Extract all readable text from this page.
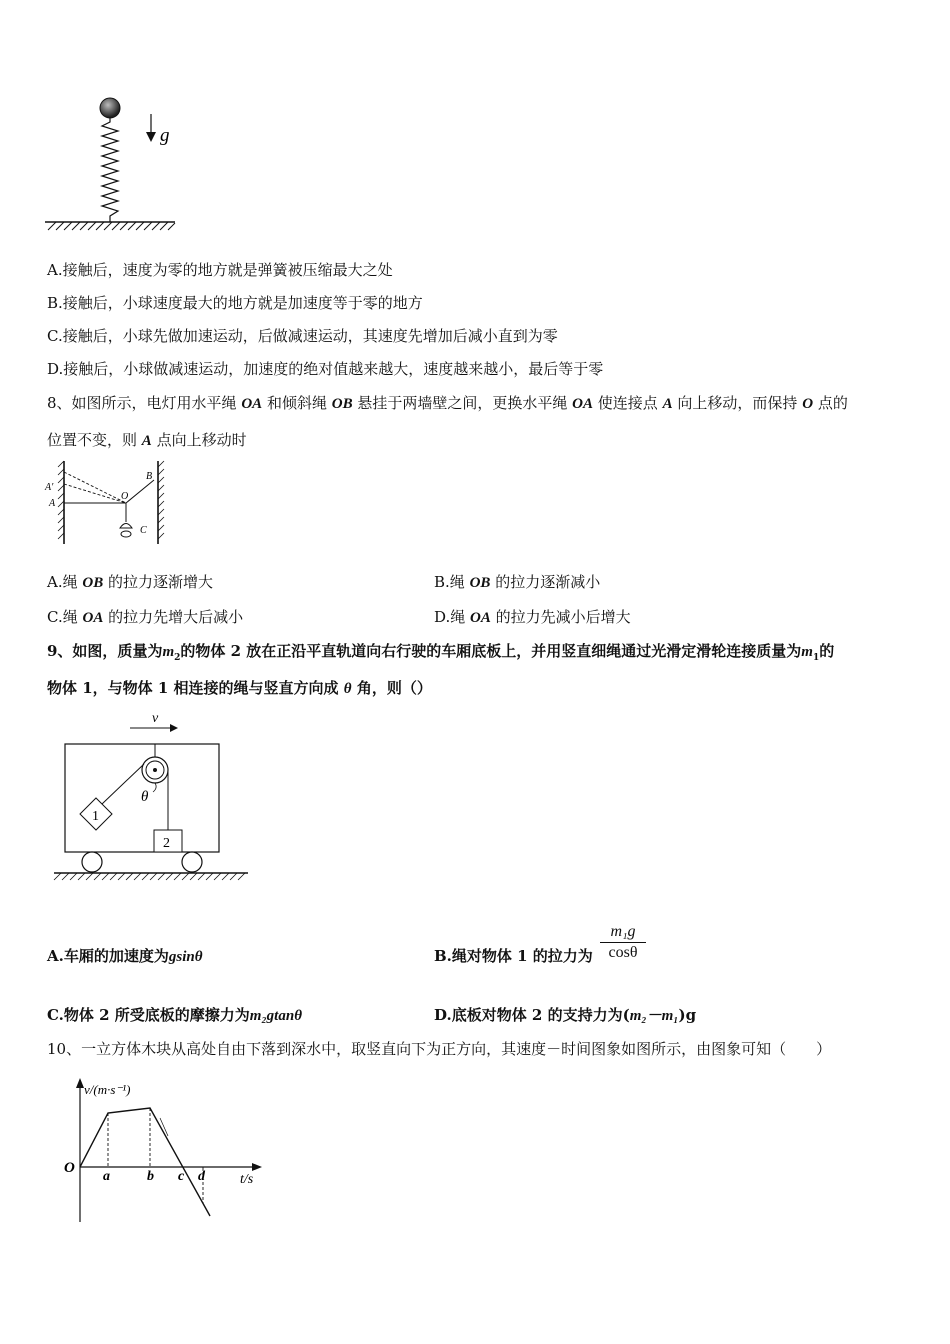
g
A.接触后，速度为零的地方就是弹簧被压缩最大之处
B.接触后，小球速度最大的地方就是加速度等于零的地方
C.接触后，小球先做加速运动，后做减速运动，其速度先增加后减小直到为零
D.接触后，小球做减速运动，加速度的绝对值越来越大，速度越来越小，最后等于零
8、如图所示，电灯用水平绳 OA 和倾斜绳 OB 悬挂于两墙壁之间，更换水平绳 OA 使连接点 A 向上移动，而保持 O 点的
位置不变，则 A 点向上移动时
A′
A
O
B
C
A.绳 OB 的拉力逐渐增大	B.绳 OB 的拉力逐渐减小
C.绳 OA 的拉力先增大后减小	D.绳 OA 的拉力先减小后增大
9、如图，质量为$m_2$的物体 2 放在正沿平直轨道向右行驶的车厢底板上，并用竖直细绳通过光滑定滑轮连接质量为$m_1$的
物体 1，与物体 1 相连接的绳与竖直方向成 θ 角，则（）
v
θ
1
2
A.车厢的加速度为gsinθ	B.绳对物体 1 的拉力为 $\frac{\text{m₁g}}{\cos\theta}$
C.物体 2 所受底板的摩擦力为m₂gtanθ	D.底板对物体 2 的支持力为(m₂－m₁)g
10、一立方体木块从高处自由下落到深水中，取竖直向下为正方向，其速度－时间图象如图所示，由图象可知（　　）
v/(m·s⁻¹)
t/s
O
a	b c d
